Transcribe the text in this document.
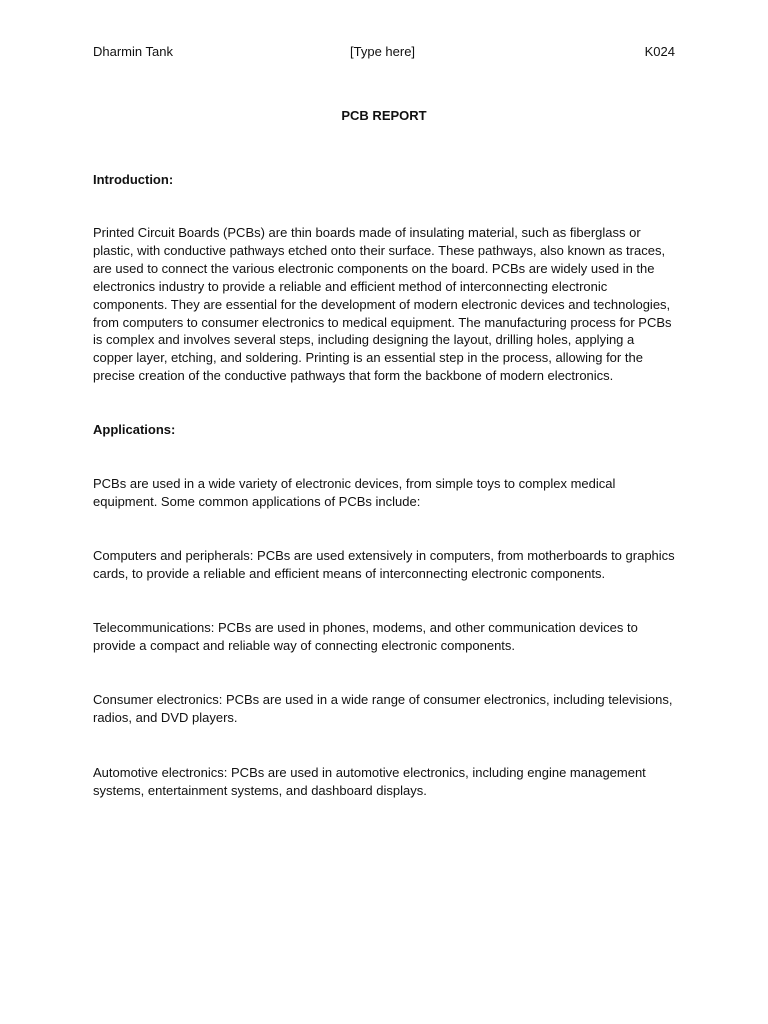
Dharmin Tank	[Type here]	K024
PCB REPORT
Introduction:

Printed Circuit Boards (PCBs) are thin boards made of insulating material, such as fiberglass or plastic, with conductive pathways etched onto their surface. These pathways, also known as traces, are used to connect the various electronic components on the board. PCBs are widely used in the electronics industry to provide a reliable and efficient method of interconnecting electronic components. They are essential for the development of modern electronic devices and technologies, from computers to consumer electronics to medical equipment. The manufacturing process for PCBs is complex and involves several steps, including designing the layout, drilling holes, applying a copper layer, etching, and soldering. Printing is an essential step in the process, allowing for the precise creation of the conductive pathways that form the backbone of modern electronics.

Applications:

PCBs are used in a wide variety of electronic devices, from simple toys to complex medical equipment. Some common applications of PCBs include:

Computers and peripherals: PCBs are used extensively in computers, from motherboards to graphics cards, to provide a reliable and efficient means of interconnecting electronic components.

Telecommunications: PCBs are used in phones, modems, and other communication devices to provide a compact and reliable way of connecting electronic components.

Consumer electronics: PCBs are used in a wide range of consumer electronics, including televisions, radios, and DVD players.

Automotive electronics: PCBs are used in automotive electronics, including engine management systems, entertainment systems, and dashboard displays.
